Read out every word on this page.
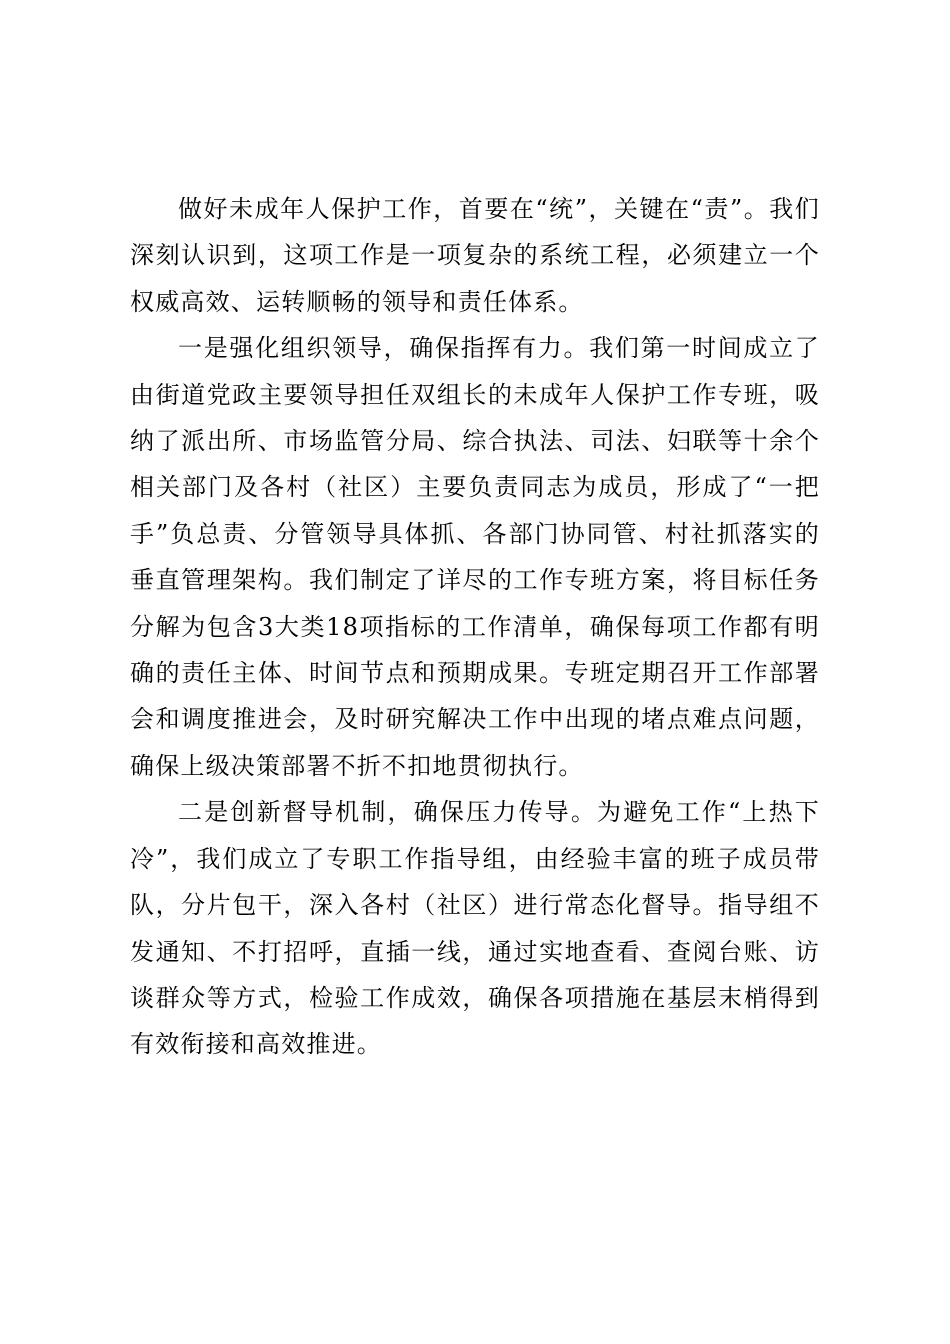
做好未成年人保护工作，首要在“统”，关键在“责”。我们深刻认识到，这项工作是一项复杂的系统工程，必须建立一个权威高效、运转顺畅的领导和责任体系。

一是强化组织领导，确保指挥有力。我们第一时间成立了由街道党政主要领导担任双组长的未成年人保护工作专班，吸纳了派出所、市场监管分局、综合执法、司法、妇联等十余个相关部门及各村（社区）主要负责同志为成员，形成了“一把手”负总责、分管领导具体抓、各部门协同管、村社抓落实的垂直管理架构。我们制定了详尽的工作专班方案，将目标任务分解为包含3大类18项指标的工作清单，确保每项工作都有明确的责任主体、时间节点和预期成果。专班定期召开工作部署会和调度推进会，及时研究解决工作中出现的堵点难点问题，确保上级决策部署不折不扣地贯彻执行。

二是创新督导机制，确保压力传导。为避免工作“上热下冷”，我们成立了专职工作指导组，由经验丰富的班子成员带队，分片包干，深入各村（社区）进行常态化督导。指导组不发通知、不打招呼，直插一线，通过实地查看、查阅台账、访谈群众等方式，检验工作成效，确保各项措施在基层末梢得到有效衔接和高效推进。
